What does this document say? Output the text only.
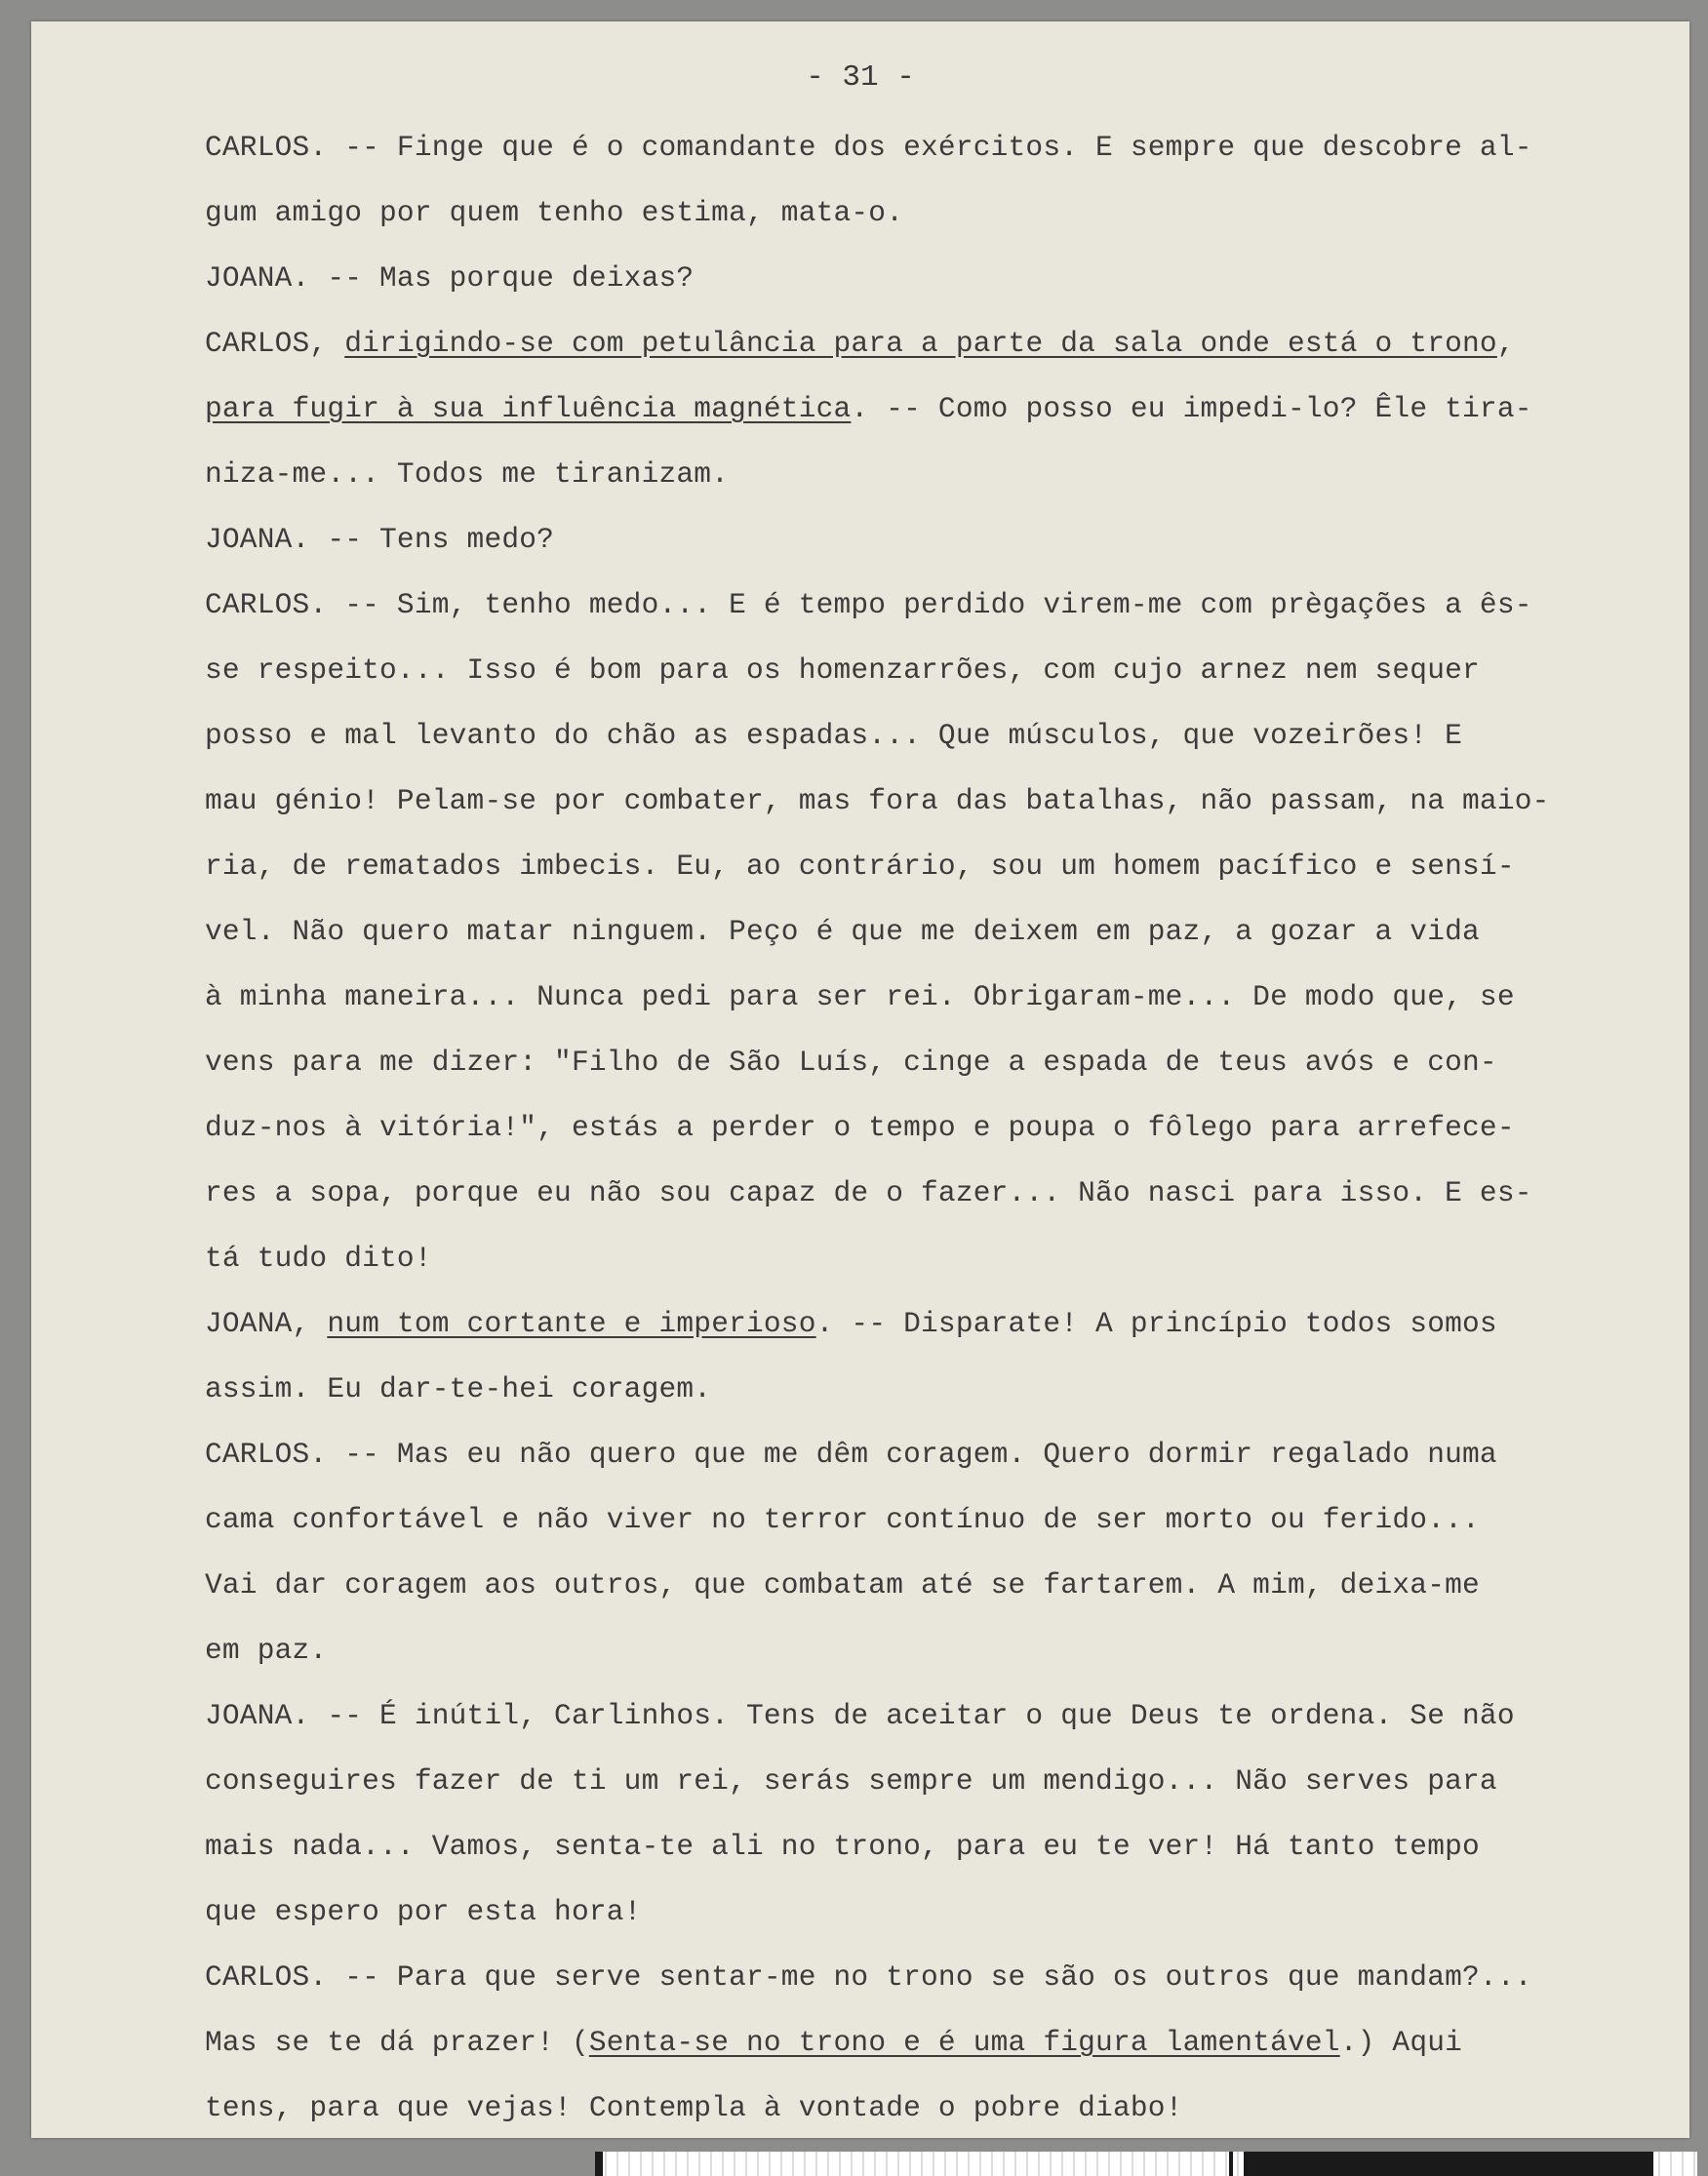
- 31 -
CARLOS. -- Finge que é o comandante dos exércitos. E sempre que descobre al-
gum amigo por quem tenho estima, mata-o.
JOANA. -- Mas porque deixas?
CARLOS, dirigindo-se com petulância para a parte da sala onde está o trono,
para fugir à sua influência magnética. -- Como posso eu impedi-lo? Êle tira-
niza-me... Todos me tiranizam.
JOANA. -- Tens medo?
CARLOS. -- Sim, tenho medo... E é tempo perdido virem-me com prègações a ês-
se respeito... Isso é bom para os homenzarrões, com cujo arnez nem sequer
posso e mal levanto do chão as espadas... Que músculos, que vozeirões! E
mau génio! Pelam-se por combater, mas fora das batalhas, não passam, na maio-
ria, de rematados imbecis. Eu, ao contrário, sou um homem pacífico e sensí-
vel. Não quero matar ninguem. Peço é que me deixem em paz, a gozar a vida
à minha maneira... Nunca pedi para ser rei. Obrigaram-me... De modo que, se
vens para me dizer: "Filho de São Luís, cinge a espada de teus avós e con-
duz-nos à vitória!", estás a perder o tempo e poupa o fôlego para arrefece-
res a sopa, porque eu não sou capaz de o fazer... Não nasci para isso. E es-
tá tudo dito!
JOANA, num tom cortante e imperioso. -- Disparate! A princípio todos somos
assim. Eu dar-te-hei coragem.
CARLOS. -- Mas eu não quero que me dêm coragem. Quero dormir regalado numa
cama confortável e não viver no terror contínuo de ser morto ou ferido...
Vai dar coragem aos outros, que combatam até se fartarem. A mim, deixa-me
em paz.
JOANA. -- É inútil, Carlinhos. Tens de aceitar o que Deus te ordena. Se não
conseguires fazer de ti um rei, serás sempre um mendigo... Não serves para
mais nada... Vamos, senta-te ali no trono, para eu te ver! Há tanto tempo
que espero por esta hora!
CARLOS. -- Para que serve sentar-me no trono se são os outros que mandam?...
Mas se te dá prazer! (Senta-se no trono e é uma figura lamentável.) Aqui
tens, para que vejas! Contempla à vontade o pobre diabo!
